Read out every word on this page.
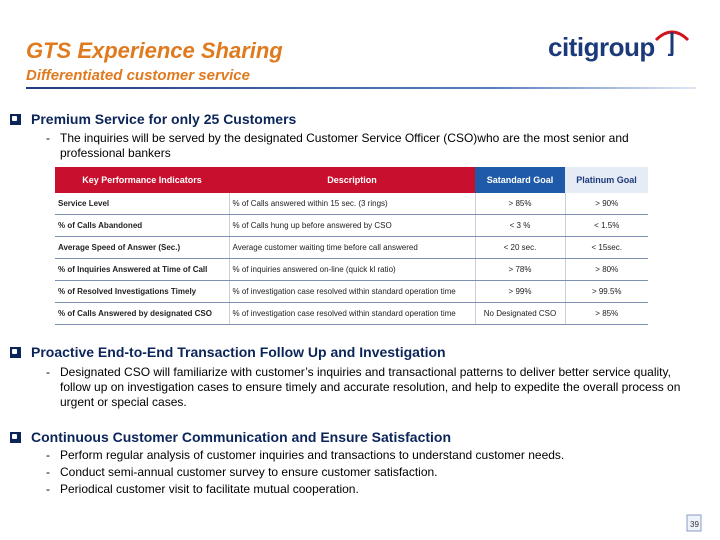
GTS Experience Sharing
Differentiated customer service
citigroup
Premium Service for only 25 Customers
- The inquiries will be served by the designated Customer Service Officer (CSO)who are the most senior and professional bankers
Key Performance Indicators	Description	Satandard Goal	Platinum Goal
Service Level	% of Calls answered within 15 sec. (3 rings)	> 85%	> 90%
% of Calls Abandoned	% of Calls hung up before answered by CSO	< 3 %	< 1.5%
Average Speed of Answer (Sec.)	Average customer waiting time before call answered	< 20 sec.	< 15sec.
% of Inquiries Answered at Time of Call	% of inquiries answered on-line (quick kl ratio)	> 78%	> 80%
% of Resolved Investigations Timely	% of investigation case resolved within standard operation time	> 99%	> 99.5%
% of Calls Answered by designated CSO	% of investigation case resolved within standard operation time	No Designated CSO	> 85%
Proactive End-to-End Transaction Follow Up and Investigation
- Designated CSO will familiarize with customer’s inquiries and transactional patterns to deliver better service quality, follow up on investigation cases to ensure timely and accurate resolution, and help to expedite the overall process on urgent or special cases.
Continuous Customer Communication and Ensure Satisfaction
- Perform regular analysis of customer inquiries and transactions to understand customer needs.
- Conduct semi-annual customer survey to ensure customer satisfaction.
- Periodical customer visit to facilitate mutual cooperation.
39
